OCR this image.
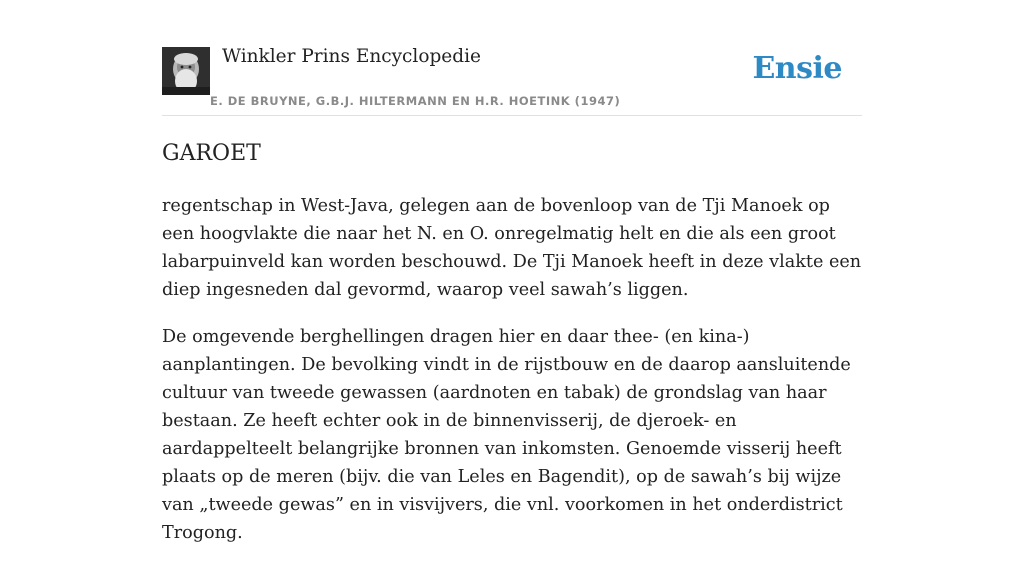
Winkler Prins Encyclopedie
E. DE BRUYNE, G.B.J. HILTERMANN EN H.R. HOETINK (1947)
Ensie
GAROET

regentschap in West-Java, gelegen aan de bovenloop van de Tji Manoek op een hoogvlakte die naar het N. en O. onregelmatig helt en die als een groot labarpuinveld kan worden beschouwd. De Tji Manoek heeft in deze vlakte een diep ingesneden dal gevormd, waarop veel sawah’s liggen.

De omgevende berghellingen dragen hier en daar thee- (en kina-) aanplantingen. De bevolking vindt in de rijstbouw en de daarop aansluitende cultuur van tweede gewassen (aardnoten en tabak) de grondslag van haar bestaan. Ze heeft echter ook in de binnenvisserij, de djeroek- en aardappelteelt belangrijke bronnen van inkomsten. Genoemde visserij heeft plaats op de meren (bijv. die van Leles en Bagendit), op de sawah’s bij wijze van „tweede gewas” en in visvijvers, die vnl. voorkomen in het onderdistrict Trogong.
